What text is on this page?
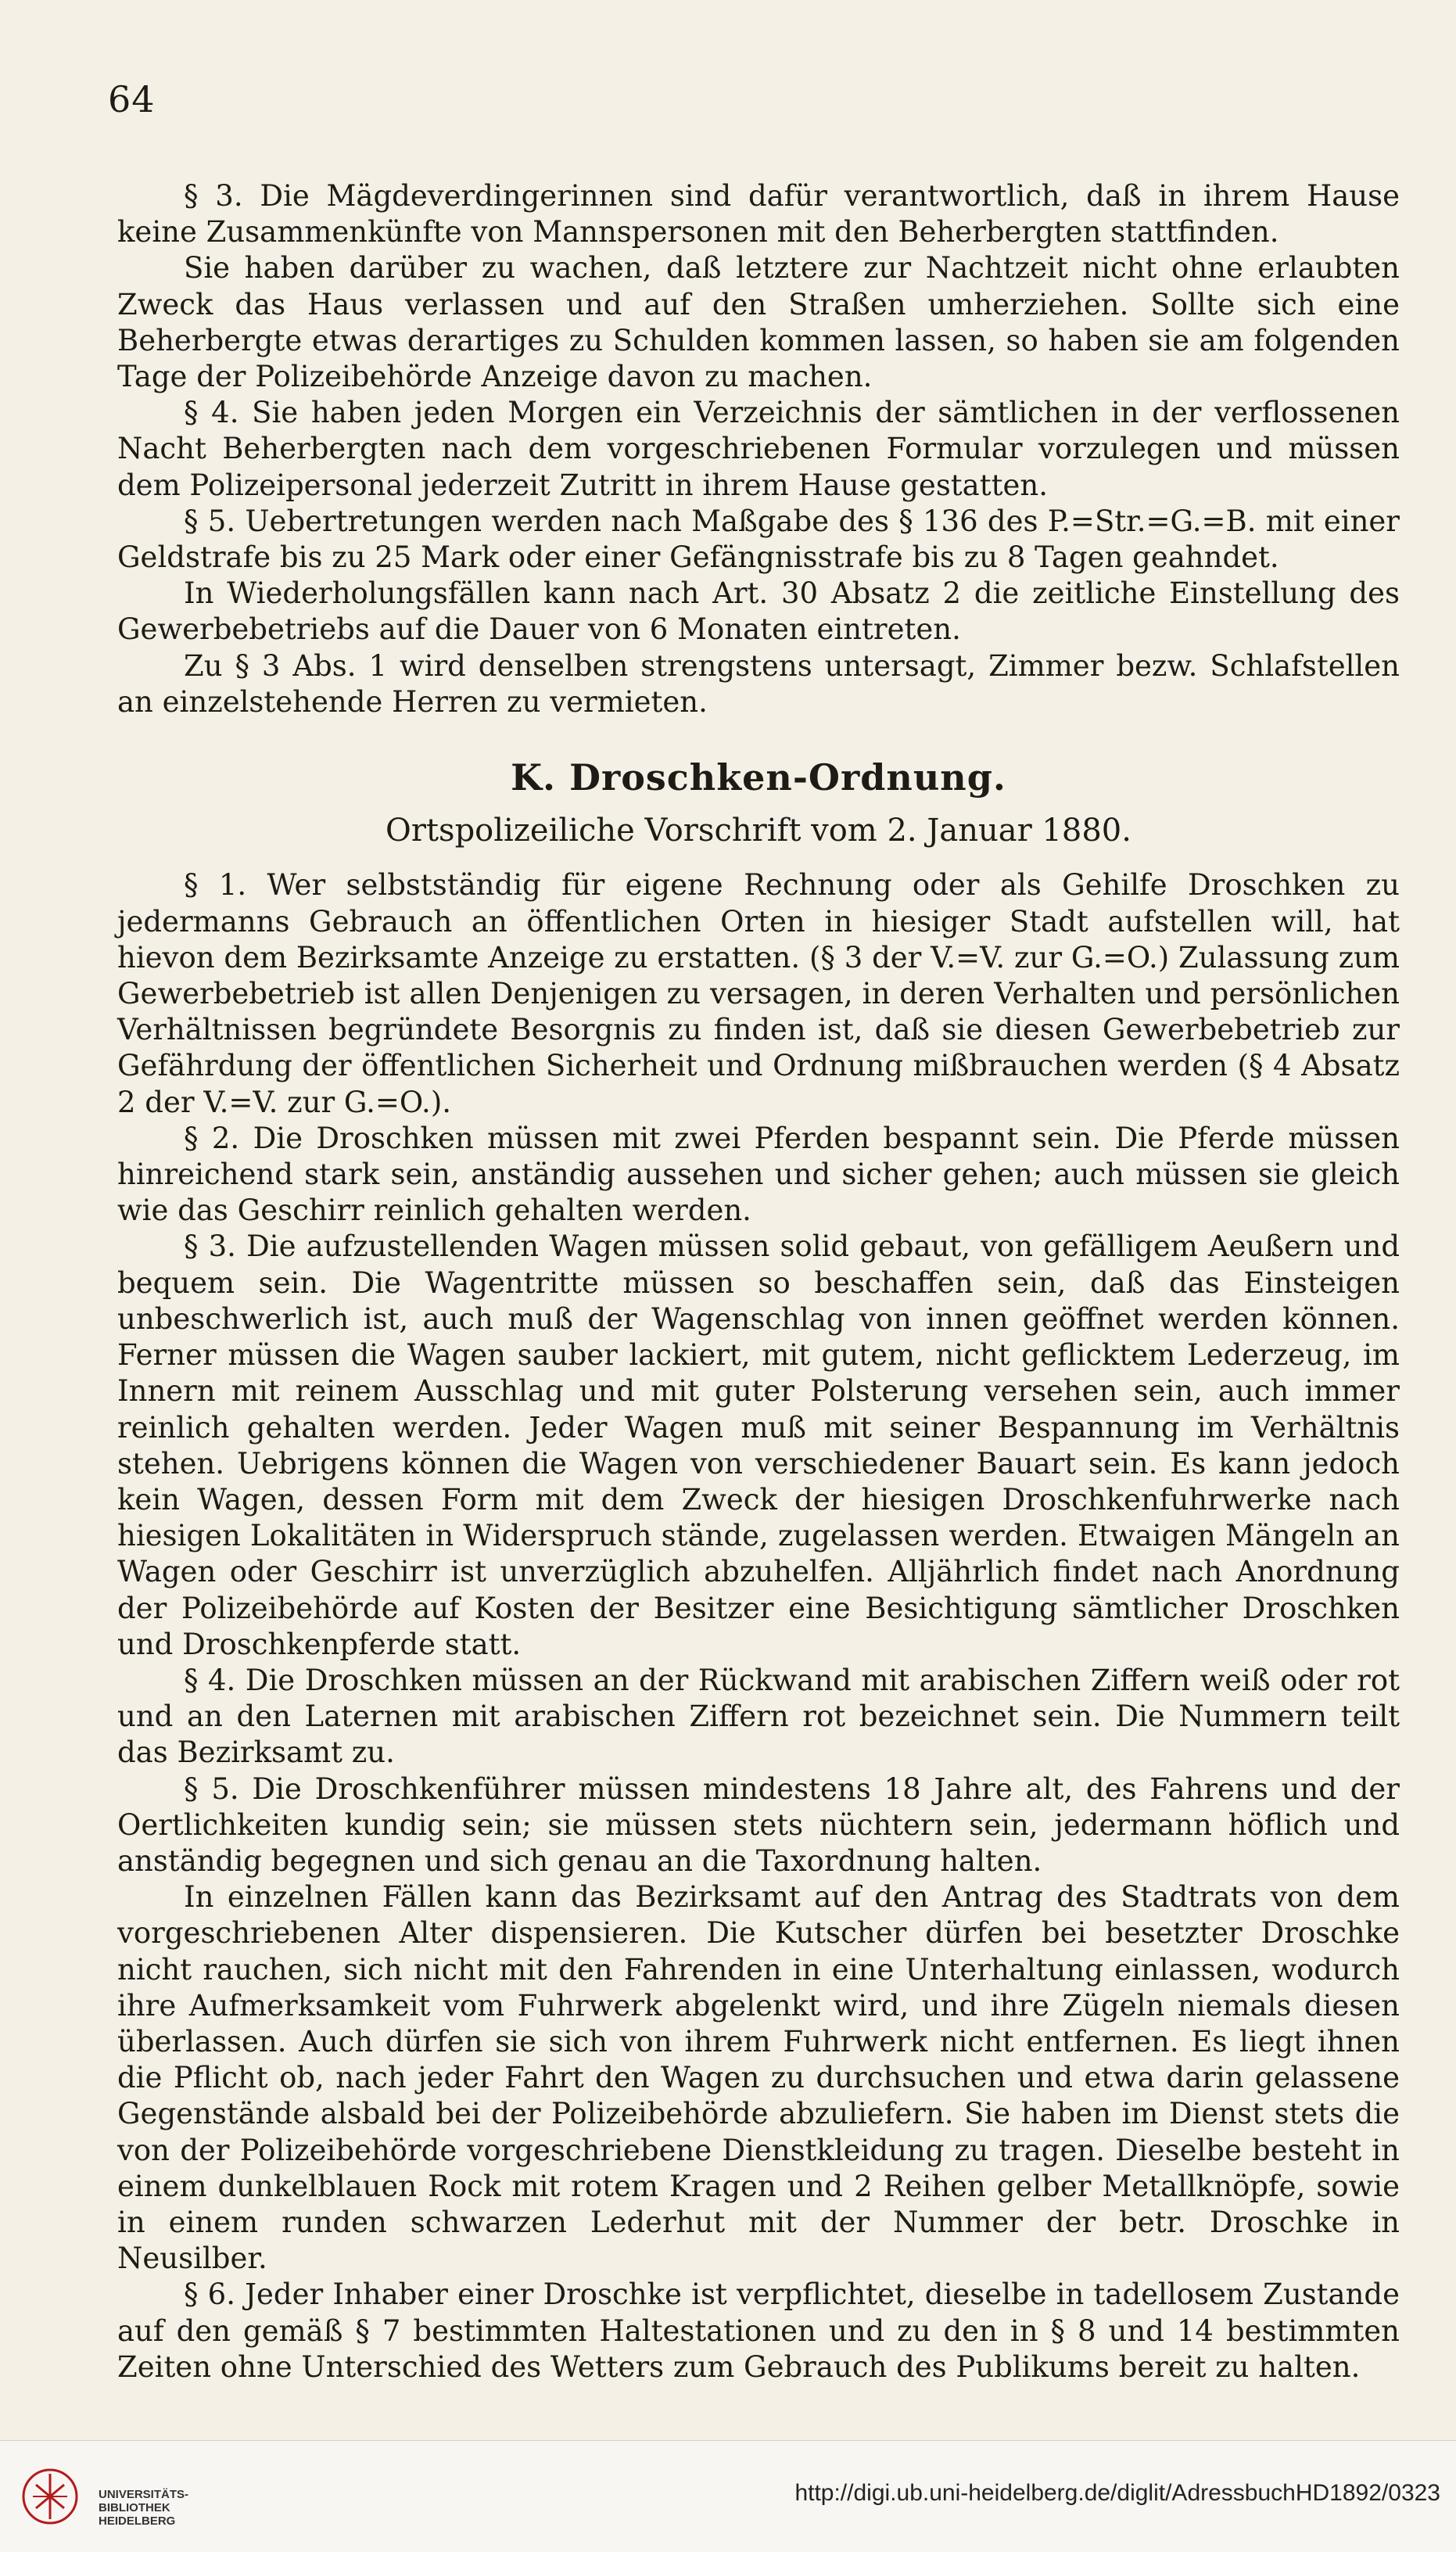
64

§ 3. Die Mägdeverdingerinnen sind dafür verantwortlich, daß in ihrem Hause keine Zusammenkünfte von Mannspersonen mit den Beherbergten stattfinden.

Sie haben darüber zu wachen, daß letztere zur Nachtzeit nicht ohne erlaubten Zweck das Haus verlassen und auf den Straßen umherziehen. Sollte sich eine Beherbergte etwas derartiges zu Schulden kommen lassen, so haben sie am folgenden Tage der Polizeibehörde Anzeige davon zu machen.

§ 4. Sie haben jeden Morgen ein Verzeichnis der sämtlichen in der verflossenen Nacht Beherbergten nach dem vorgeschriebenen Formular vorzulegen und müssen dem Polizeipersonal jederzeit Zutritt in ihrem Hause gestatten.

§ 5. Uebertretungen werden nach Maßgabe des § 136 des P.=Str.=G.=B. mit einer Geldstrafe bis zu 25 Mark oder einer Gefängnisstrafe bis zu 8 Tagen geahndet.

In Wiederholungsfällen kann nach Art. 30 Absatz 2 die zeitliche Einstellung des Gewerbebetriebs auf die Dauer von 6 Monaten eintreten.

Zu § 3 Abs. 1 wird denselben strengstens untersagt, Zimmer bezw. Schlafstellen an einzelstehende Herren zu vermieten.

K. Droschken-Ordnung.
Ortspolizeiliche Vorschrift vom 2. Januar 1880.

§ 1. Wer selbstständig für eigene Rechnung oder als Gehilfe Droschken zu jedermanns Gebrauch an öffentlichen Orten in hiesiger Stadt aufstellen will, hat hievon dem Bezirksamte Anzeige zu erstatten. (§ 3 der V.=V. zur G.=O.) Zulassung zum Gewerbebetrieb ist allen Denjenigen zu versagen, in deren Verhalten und persönlichen Verhältnissen begründete Besorgnis zu finden ist, daß sie diesen Gewerbebetrieb zur Gefährdung der öffentlichen Sicherheit und Ordnung mißbrauchen werden (§ 4 Absatz 2 der V.=V. zur G.=O.).

§ 2. Die Droschken müssen mit zwei Pferden bespannt sein. Die Pferde müssen hinreichend stark sein, anständig aussehen und sicher gehen; auch müssen sie gleich wie das Geschirr reinlich gehalten werden.

§ 3. Die aufzustellenden Wagen müssen solid gebaut, von gefälligem Aeußern und bequem sein. Die Wagentritte müssen so beschaffen sein, daß das Einsteigen unbeschwerlich ist, auch muß der Wagenschlag von innen geöffnet werden können. Ferner müssen die Wagen sauber lackiert, mit gutem, nicht geflicktem Lederzeug, im Innern mit reinem Ausschlag und mit guter Polsterung versehen sein, auch immer reinlich gehalten werden. Jeder Wagen muß mit seiner Bespannung im Verhältnis stehen. Uebrigens können die Wagen von verschiedener Bauart sein. Es kann jedoch kein Wagen, dessen Form mit dem Zweck der hiesigen Droschkenfuhrwerke nach hiesigen Lokalitäten in Widerspruch stände, zugelassen werden. Etwaigen Mängeln an Wagen oder Geschirr ist unverzüglich abzuhelfen. Alljährlich findet nach Anordnung der Polizeibehörde auf Kosten der Besitzer eine Besichtigung sämtlicher Droschken und Droschkenpferde statt.

§ 4. Die Droschken müssen an der Rückwand mit arabischen Ziffern weiß oder rot und an den Laternen mit arabischen Ziffern rot bezeichnet sein. Die Nummern teilt das Bezirksamt zu.

§ 5. Die Droschkenführer müssen mindestens 18 Jahre alt, des Fahrens und der Oertlichkeiten kundig sein; sie müssen stets nüchtern sein, jedermann höflich und anständig begegnen und sich genau an die Taxordnung halten.

In einzelnen Fällen kann das Bezirksamt auf den Antrag des Stadtrats von dem vorgeschriebenen Alter dispensieren. Die Kutscher dürfen bei besetzter Droschke nicht rauchen, sich nicht mit den Fahrenden in eine Unterhaltung einlassen, wodurch ihre Aufmerksamkeit vom Fuhrwerk abgelenkt wird, und ihre Zügeln niemals diesen überlassen. Auch dürfen sie sich von ihrem Fuhrwerk nicht entfernen. Es liegt ihnen die Pflicht ob, nach jeder Fahrt den Wagen zu durchsuchen und etwa darin gelassene Gegenstände alsbald bei der Polizeibehörde abzuliefern. Sie haben im Dienst stets die von der Polizeibehörde vorgeschriebene Dienstkleidung zu tragen. Dieselbe besteht in einem dunkelblauen Rock mit rotem Kragen und 2 Reihen gelber Metallknöpfe, sowie in einem runden schwarzen Lederhut mit der Nummer der betr. Droschke in Neusilber.

§ 6. Jeder Inhaber einer Droschke ist verpflichtet, dieselbe in tadellosem Zustande auf den gemäß § 7 bestimmten Haltestationen und zu den in § 8 und 14 bestimmten Zeiten ohne Unterschied des Wetters zum Gebrauch des Publikums bereit zu halten.

UNIVERSITÄTS-
BIBLIOTHEK
HEIDELBERG
http://digi.ub.uni-heidelberg.de/diglit/AdressbuchHD1892/0323
